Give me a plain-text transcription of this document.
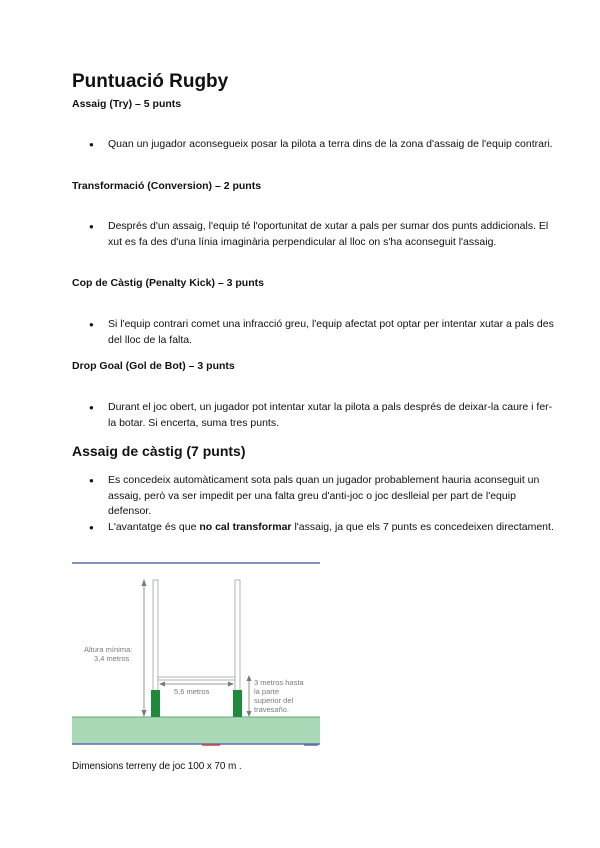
Puntuació Rugby

Assaig (Try) – 5 punts

● Quan un jugador aconsegueix posar la pilota a terra dins de la zona d'assaig de l'equip contrari.

Transformació (Conversion) – 2 punts

● Després d'un assaig, l'equip té l'oportunitat de xutar a pals per sumar dos punts addicionals. El xut es fa des d'una línia imaginària perpendicular al lloc on s'ha aconseguit l'assaig.

Cop de Càstig (Penalty Kick) – 3 punts

● Si l'equip contrari comet una infracció greu, l'equip afectat pot optar per intentar xutar a pals des del lloc de la falta.

Drop Goal (Gol de Bot) – 3 punts

● Durant el joc obert, un jugador pot intentar xutar la pilota a pals després de deixar-la caure i fer-la botar. Si encerta, suma tres punts.
Assaig de càstig (7 punts)
● Es concedeix automàticament sota pals quan un jugador probablement hauria aconseguit un assaig, però va ser impedit per una falta greu d'anti-joc o joc deslleial per part de l'equip defensor.
● L'avantatge és que no cal transformar l'assaig, ja que els 7 punts es concedeixen directament.
Altura mínima:
3,4 metros
5,6 metros
3 metros hasta
la parte
superior del
travesaño.

Dimensions terreny de joc 100 x 70 m .
